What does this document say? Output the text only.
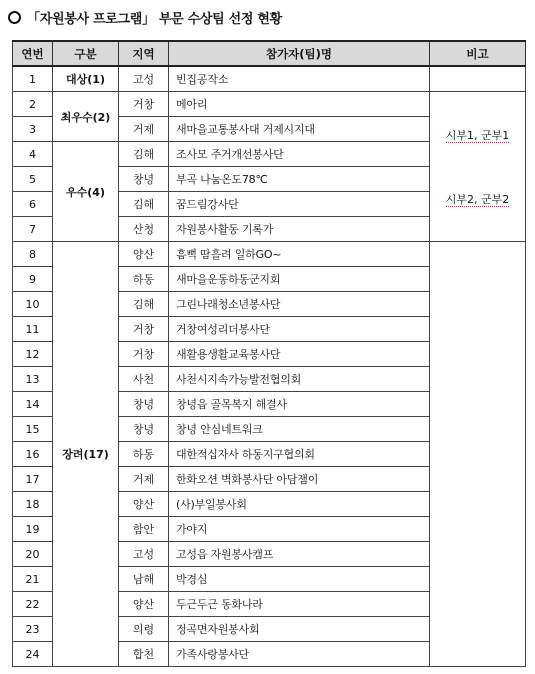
「자원봉사 프로그램」 부문 수상팀 선정 현황
연번	구분	지역	참가자(팀)명	비고
1	대상(1)	고성	빈집공작소	
2	최우수(2)	거창	메아리	시부1, 군부1
시부2, 군부2

3		거제	새마을교통봉사대 거제시지대	
4	우수(4)	김해	조사모 주거개선봉사단	
5		창녕	부곡 나눔온도78℃	
6		김해	꿈드림강사단	
7		산청	자원봉사활동 기록가	
8	장려(17)	양산	흠뻑 땀흘려 일하GO~	
9		하동	새마을운동하동군지회	
10		김해	그린나래청소년봉사단	
11		거창	거창여성리더봉사단	
12		거창	새활용생활교육봉사단	
13		사천	사천시지속가능발전협의회	
14		창녕	창녕읍 골목복지 해결사	
15		창녕	창녕 안심네트워크	
16		하동	대한적십자사 하동지구협의회	
17		거제	한화오션 벽화봉사단 아담잼이	
18		양산	(사)부일봉사회	
19		함안	가야지	
20		고성	고성읍 자원봉사캠프	
21		남해	박경심	
22		양산	두근두근 동화나라	
23		의령	정곡면자원봉사회	
24		합천	가족사랑봉사단	
